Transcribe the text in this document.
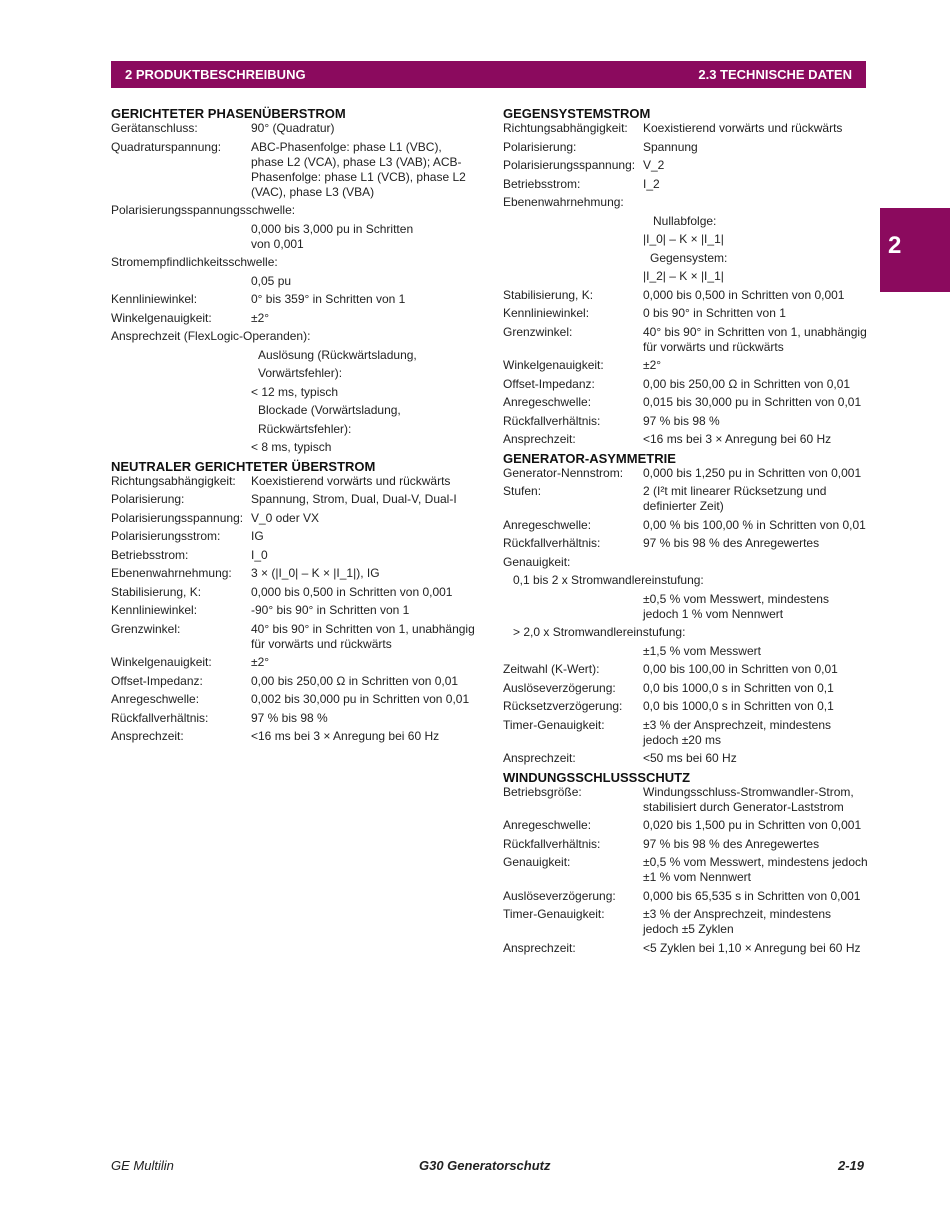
2 PRODUKTBESCHREIBUNG	2.3 TECHNISCHE DATEN
2
GERICHTETER PHASENÜBERSTROM
Gerätanschluss:	90° (Quadratur)
Quadraturspannung:	ABC-Phasenfolge: phase L1 (VBC), phase L2 (VCA), phase L3 (VAB); ACB-Phasenfolge: phase L1 (VCB), phase L2 (VAC), phase L3 (VBA)
Polarisierungsspannungsschwelle:
0,000 bis 3,000 pu in Schritten von 0,001
Stromempfindlichkeitsschwelle:
0,05 pu
Kennliniewinkel:	0° bis 359° in Schritten von 1
Winkelgenauigkeit:	±2°
Ansprechzeit (FlexLogic-Operanden):
Auslösung (Rückwärtsladung,
Vorwärtsfehler):
< 12 ms, typisch
Blockade (Vorwärtsladung,
Rückwärtsfehler):
< 8 ms, typisch
NEUTRALER GERICHTETER ÜBERSTROM
Richtungsabhängigkeit:	Koexistierend vorwärts und rückwärts
Polarisierung:	Spannung, Strom, Dual, Dual-V, Dual-I
Polarisierungsspannung: V_0 oder VX
Polarisierungsstrom:	IG
Betriebsstrom:	I_0
Ebenenwahrnehmung:	3 × (|I_0| – K × |I_1|), IG
Stabilisierung, K:	0,000 bis 0,500 in Schritten von 0,001
Kennliniewinkel:	-90° bis 90° in Schritten von 1
Grenzwinkel:	40° bis 90° in Schritten von 1, unabhängig für vorwärts und rückwärts
Winkelgenauigkeit:	±2°
Offset-Impedanz:	0,00 bis 250,00 Ω in Schritten von 0,01
Anregeschwelle:	0,002 bis 30,000 pu in Schritten von 0,01
Rückfallverhältnis:	97 % bis 98 %
Ansprechzeit:	<16 ms bei 3 × Anregung bei 60 Hz
GEGENSYSTEMSTROM
Richtungsabhängigkeit:	Koexistierend vorwärts und rückwärts
Polarisierung:	Spannung
Polarisierungsspannung: V_2
Betriebsstrom:	I_2
Ebenenwahrnehmung:
Nullabfolge:
|I_0| – K × |I_1|
Gegensystem:
|I_2| – K × |I_1|
Stabilisierung, K:	0,000 bis 0,500 in Schritten von 0,001
Kennliniewinkel:	0 bis 90° in Schritten von 1
Grenzwinkel:	40° bis 90° in Schritten von 1, unabhängig für vorwärts und rückwärts
Winkelgenauigkeit:	±2°
Offset-Impedanz:	0,00 bis 250,00 Ω in Schritten von 0,01
Anregeschwelle:	0,015 bis 30,000 pu in Schritten von 0,01
Rückfallverhältnis:	97 % bis 98 %
Ansprechzeit:	<16 ms bei 3 × Anregung bei 60 Hz
GENERATOR-ASYMMETRIE
Generator-Nennstrom:	0,000 bis 1,250 pu in Schritten von 0,001
Stufen:	2 (I²t mit linearer Rücksetzung und definierter Zeit)
Anregeschwelle:	0,00 % bis 100,00 % in Schritten von 0,01
Rückfallverhältnis:	97 % bis 98 % des Anregewertes
Genauigkeit:
0,1 bis 2 x Stromwandlereinstufung:
±0,5 % vom Messwert, mindestens jedoch 1 % vom Nennwert
> 2,0 x Stromwandlereinstufung:
±1,5 % vom Messwert
Zeitwahl (K-Wert):	0,00 bis 100,00 in Schritten von 0,01
Auslöseverzögerung:	0,0 bis 1000,0 s in Schritten von 0,1
Rücksetzverzögerung:	0,0 bis 1000,0 s in Schritten von 0,1
Timer-Genauigkeit:	±3 % der Ansprechzeit, mindestens jedoch ±20 ms
Ansprechzeit:	<50 ms bei 60 Hz
WINDUNGSSCHLUSSSCHUTZ
Betriebsgröße:	Windungsschluss-Stromwandler-Strom, stabilisiert durch Generator-Laststrom
Anregeschwelle:	0,020 bis 1,500 pu in Schritten von 0,001
Rückfallverhältnis:	97 % bis 98 % des Anregewertes
Genauigkeit:	±0,5 % vom Messwert, mindestens jedoch ±1 % vom Nennwert
Auslöseverzögerung:	0,000 bis 65,535 s in Schritten von 0,001
Timer-Genauigkeit:	±3 % der Ansprechzeit, mindestens jedoch ±5 Zyklen
Ansprechzeit:	<5 Zyklen bei 1,10 × Anregung bei 60 Hz
GE Multilin	G30 Generatorschutz	2-19
